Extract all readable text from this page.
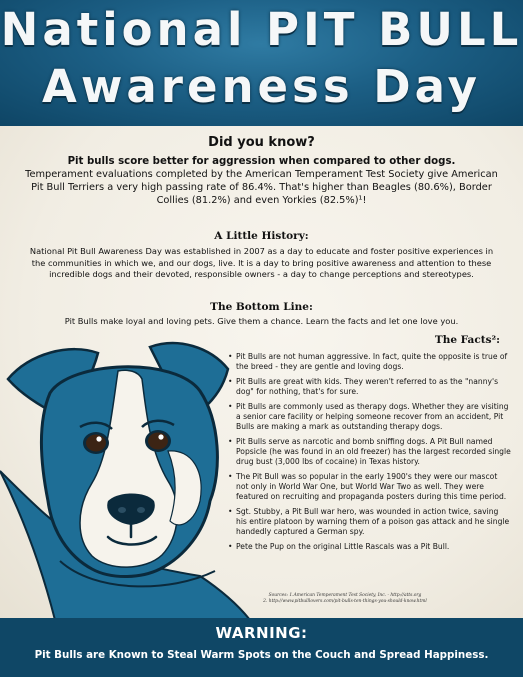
National PIT BULL
Awareness Day
Did you know?
Pit bulls score better for aggression when compared to other dogs.
Temperament evaluations completed by the American Temperament Test Society give American Pit Bull Terriers a very high passing rate of 86.4%. That's higher than Beagles (80.6%), Border Collies (81.2%) and even Yorkies (82.5%)¹!
A Little History:
National Pit Bull Awareness Day was established in 2007 as a day to educate and foster positive experiences in the communities in which we, and our dogs, live. It is a day to bring positive awareness and attention to these incredible dogs and their devoted, responsible owners - a day to change perceptions and stereotypes.
The Bottom Line:
Pit Bulls make loyal and loving pets. Give them a chance. Learn the facts and let one love you.
The Facts²:
• Pit Bulls are not human aggressive. In fact, quite the opposite is true of the breed - they are gentle and loving dogs.
• Pit Bulls are great with kids. They weren't referred to as the "nanny's dog" for nothing, that's for sure.
• Pit Bulls are commonly used as therapy dogs. Whether they are visiting a senior care facility or helping someone recover from an accident, Pit Bulls are making a mark as outstanding therapy dogs.
• Pit Bulls serve as narcotic and bomb sniffing dogs. A Pit Bull named Popsicle (he was found in an old freezer) has the largest recorded single drug bust (3,000 lbs of cocaine) in Texas history.
• The Pit Bull was so popular in the early 1900's they were our mascot not only in World War One, but World War Two as well. They were featured on recruiting and propaganda posters during this time period.
• Sgt. Stubby, a Pit Bull war hero, was wounded in action twice, saving his entire platoon by warning them of a poison gas attack and he single handedly captured a German spy.
• Pete the Pup on the original Little Rascals was a Pit Bull.
Sources: 1.American Temperament Test Society, Inc. - http://atts.org
2. http://www.pitbulllovers.com/pit-bulls-ten-things-you-should-know.html
WARNING:
Pit Bulls are Known to Steal Warm Spots on the Couch and Spread Happiness.
